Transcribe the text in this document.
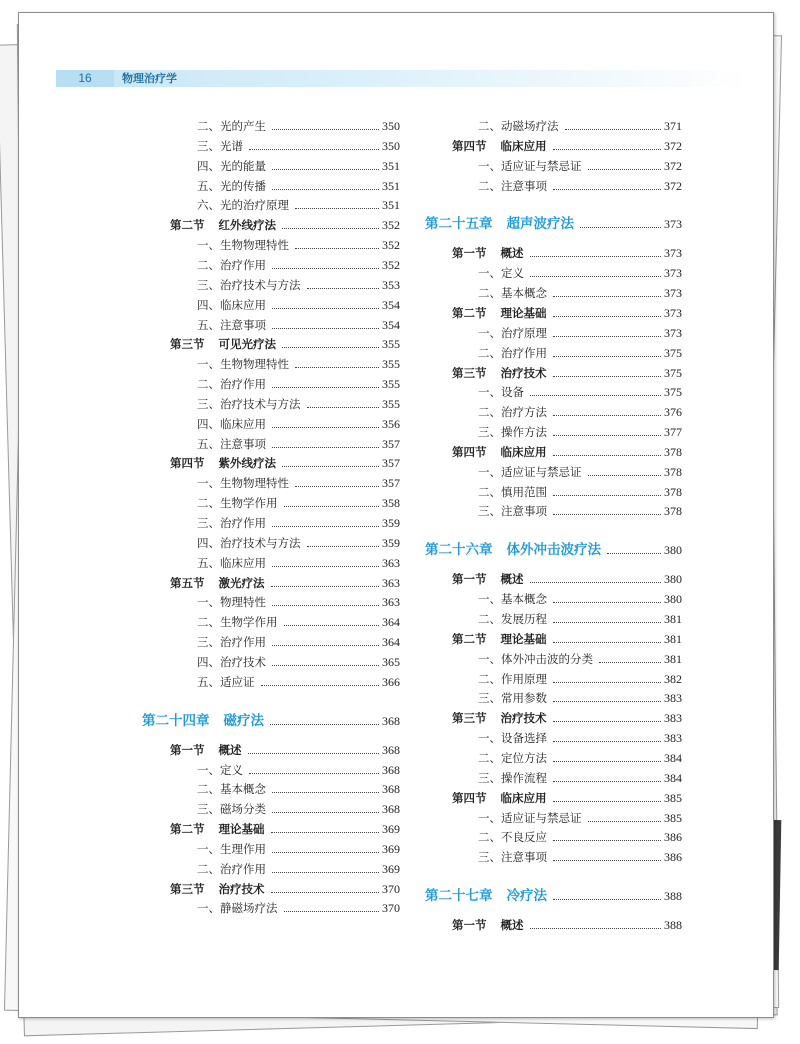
16	物理治疗学
二、光的产生	350
三、光谱	350
四、光的能量	351
五、光的传播	351
六、光的治疗原理	351
第二节 红外线疗法	352
一、生物物理特性	352
二、治疗作用	352
三、治疗技术与方法	353
四、临床应用	354
五、注意事项	354
第三节 可见光疗法	355
一、生物物理特性	355
二、治疗作用	355
三、治疗技术与方法	355
四、临床应用	356
五、注意事项	357
第四节 紫外线疗法	357
一、生物物理特性	357
二、生物学作用	358
三、治疗作用	359
四、治疗技术与方法	359
五、临床应用	363
第五节 激光疗法	363
一、物理特性	363
二、生物学作用	364
三、治疗作用	364
四、治疗技术	365
五、适应证	366
第二十四章 磁疗法	368
第一节 概述	368
一、定义	368
二、基本概念	368
三、磁场分类	368
第二节 理论基础	369
一、生理作用	369
二、治疗作用	369
第三节 治疗技术	370
一、静磁场疗法	370
二、动磁场疗法	371
第四节 临床应用	372
一、适应证与禁忌证	372
二、注意事项	372
第二十五章 超声波疗法	373
第一节 概述	373
一、定义	373
二、基本概念	373
第二节 理论基础	373
一、治疗原理	373
二、治疗作用	375
第三节 治疗技术	375
一、设备	375
二、治疗方法	376
三、操作方法	377
第四节 临床应用	378
一、适应证与禁忌证	378
二、慎用范围	378
三、注意事项	378
第二十六章 体外冲击波疗法	380
第一节 概述	380
一、基本概念	380
二、发展历程	381
第二节 理论基础	381
一、体外冲击波的分类	381
二、作用原理	382
三、常用参数	383
第三节 治疗技术	383
一、设备选择	383
二、定位方法	384
三、操作流程	384
第四节 临床应用	385
一、适应证与禁忌证	385
二、不良反应	386
三、注意事项	386
第二十七章 冷疗法	388
第一节 概述	388
